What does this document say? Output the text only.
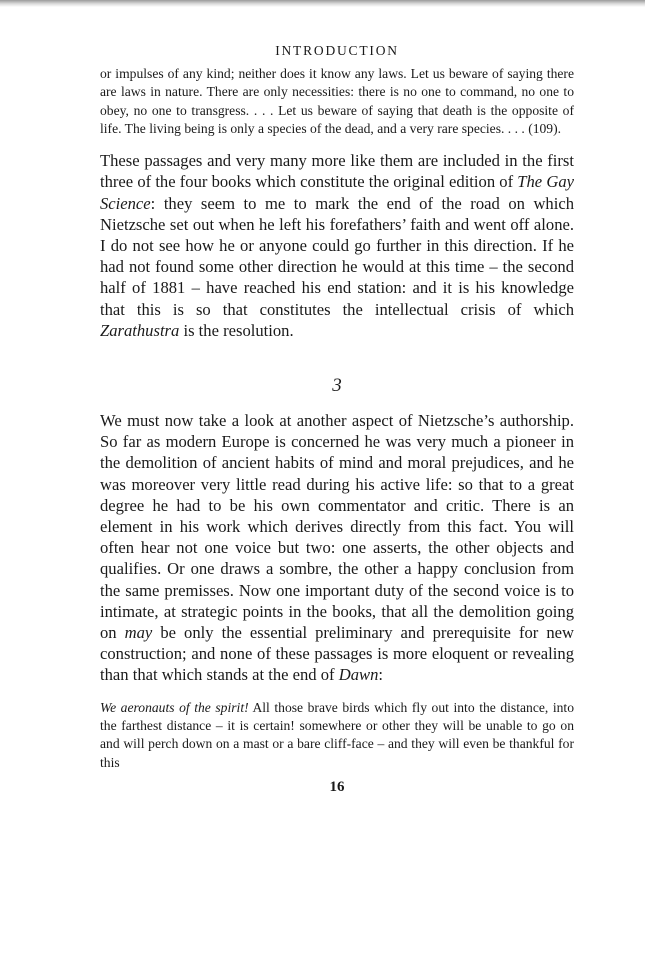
INTRODUCTION

or impulses of any kind; neither does it know any laws. Let us beware of saying there are laws in nature. There are only necessities: there is no one to command, no one to obey, no one to transgress. . . . Let us beware of saying that death is the opposite of life. The living being is only a species of the dead, and a very rare species. . . . (109).

These passages and very many more like them are included in the first three of the four books which constitute the original edition of The Gay Science: they seem to me to mark the end of the road on which Nietzsche set out when he left his forefathers’ faith and went off alone. I do not see how he or anyone could go further in this direction. If he had not found some other direction he would at this time – the second half of 1881 – have reached his end station: and it is his knowledge that this is so that constitutes the intellectual crisis of which Zarathustra is the resolution.

3

We must now take a look at another aspect of Nietzsche’s authorship. So far as modern Europe is concerned he was very much a pioneer in the demolition of ancient habits of mind and moral prejudices, and he was moreover very little read during his active life: so that to a great degree he had to be his own commentator and critic. There is an element in his work which derives directly from this fact. You will often hear not one voice but two: one asserts, the other objects and qualifies. Or one draws a sombre, the other a happy conclusion from the same premisses. Now one important duty of the second voice is to intimate, at strategic points in the books, that all the demolition going on may be only the essential preliminary and prerequisite for new construction; and none of these passages is more eloquent or revealing than that which stands at the end of Dawn:

We aeronauts of the spirit! All those brave birds which fly out into the distance, into the farthest distance – it is certain! somewhere or other they will be unable to go on and will perch down on a mast or a bare cliff-face – and they will even be thankful for this

16
